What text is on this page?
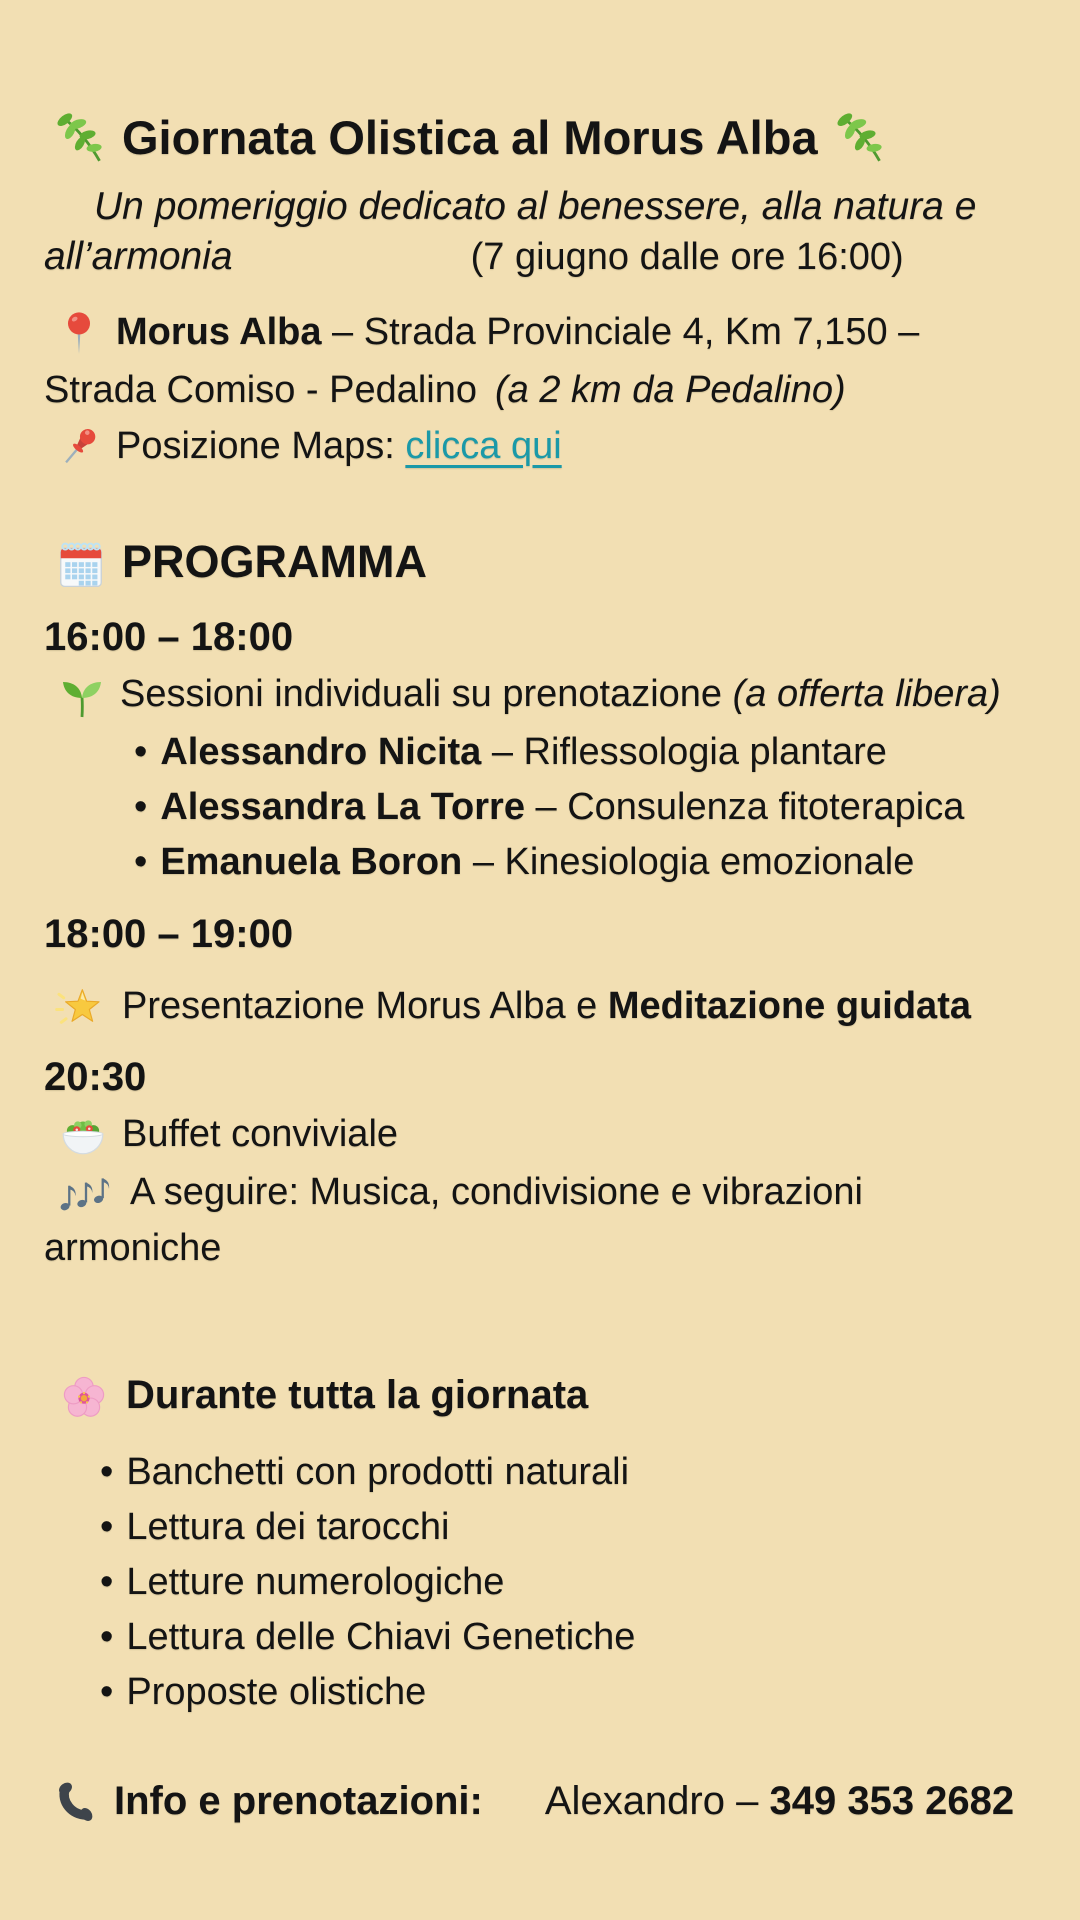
Giornata Olistica al Morus Alba
Un pomeriggio dedicato al benessere, alla natura e
all’armonia	(7 giugno dalle ore 16:00)
Morus Alba – Strada Provinciale 4, Km 7,150 –
Strada Comiso - Pedalino (a 2 km da Pedalino)
Posizione Maps: clicca qui
PROGRAMMA
16:00 – 18:00
Sessioni individuali su prenotazione (a offerta libera)
• Alessandro Nicita – Riflessologia plantare
• Alessandra La Torre – Consulenza fitoterapica
• Emanuela Boron – Kinesiologia emozionale
18:00 – 19:00
Presentazione Morus Alba e Meditazione guidata
20:30
Buffet conviviale
A seguire: Musica, condivisione e vibrazioni
armoniche
Durante tutta la giornata
• Banchetti con prodotti naturali
• Lettura dei tarocchi
• Letture numerologiche
• Lettura delle Chiavi Genetiche
• Proposte olistiche
Info e prenotazioni: Alexandro – 349 353 2682
